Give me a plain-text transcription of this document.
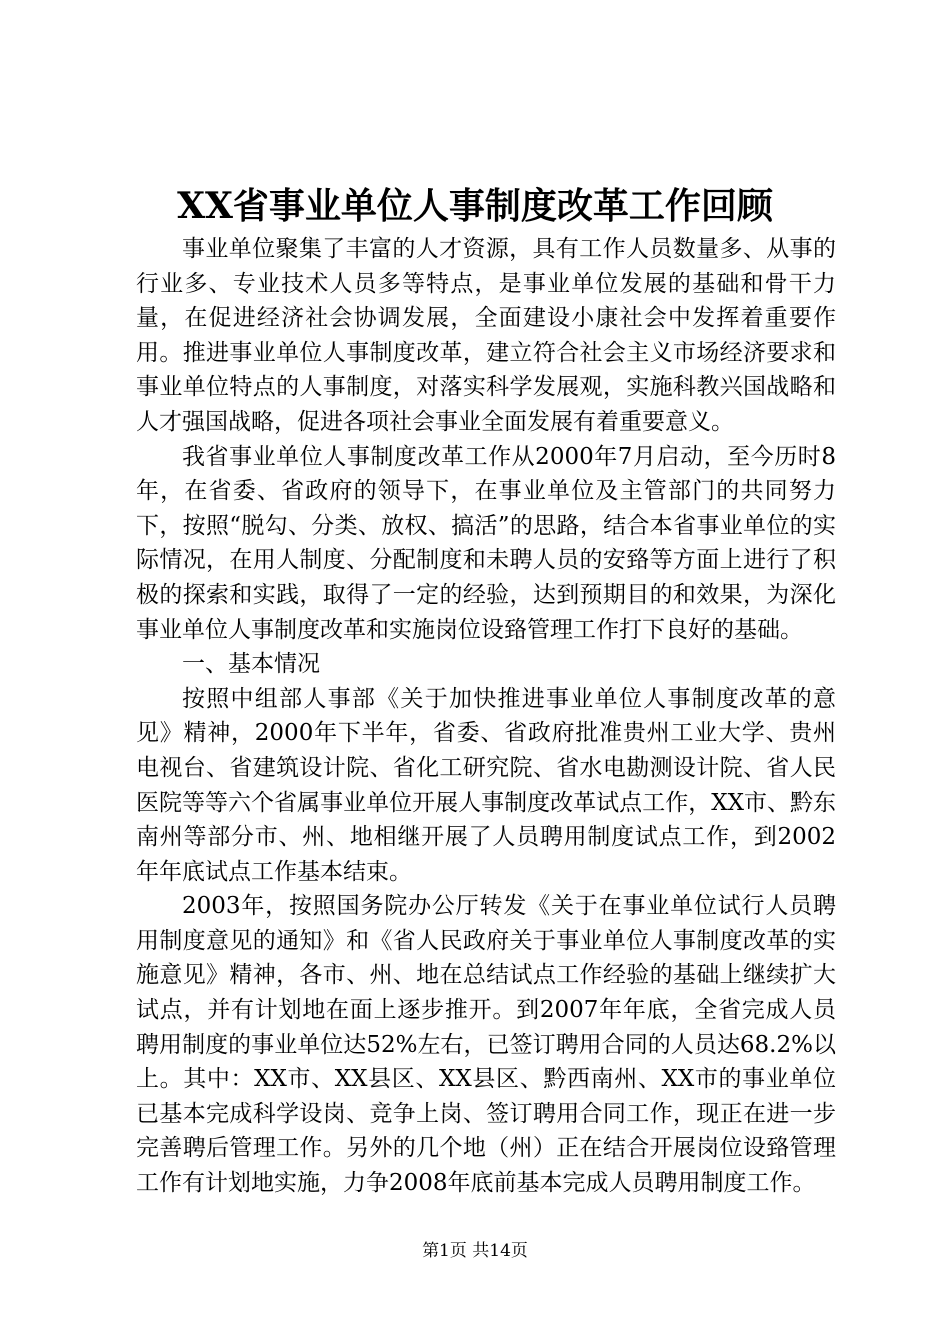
XX省事业单位人事制度改革工作回顾

事业单位聚集了丰富的人才资源，具有工作人员数量多、从事的行业多、专业技术人员多等特点，是事业单位发展的基础和骨干力量，在促进经济社会协调发展，全面建设小康社会中发挥着重要作用。推进事业单位人事制度改革，建立符合社会主义市场经济要求和事业单位特点的人事制度，对落实科学发展观，实施科教兴国战略和人才强国战略，促进各项社会事业全面发展有着重要意义。

我省事业单位人事制度改革工作从2000年7月启动，至今历时8年，在省委、省政府的领导下，在事业单位及主管部门的共同努力下，按照“脱勾、分类、放权、搞活”的思路，结合本省事业单位的实际情况，在用人制度、分配制度和未聘人员的安臵等方面上进行了积极的探索和实践，取得了一定的经验，达到预期目的和效果，为深化事业单位人事制度改革和实施岗位设臵管理工作打下良好的基础。

一、基本情况

按照中组部人事部《关于加快推进事业单位人事制度改革的意见》精神，2000年下半年，省委、省政府批准贵州工业大学、贵州电视台、省建筑设计院、省化工研究院、省水电勘测设计院、省人民医院等等六个省属事业单位开展人事制度改革试点工作，XX市、黔东南州等部分市、州、地相继开展了人员聘用制度试点工作，到2002年年底试点工作基本结束。

2003年，按照国务院办公厅转发《关于在事业单位试行人员聘用制度意见的通知》和《省人民政府关于事业单位人事制度改革的实施意见》精神，各市、州、地在总结试点工作经验的基础上继续扩大试点，并有计划地在面上逐步推开。到2007年年底，全省完成人员聘用制度的事业单位达52%左右，已签订聘用合同的人员达68.2%以上。其中：XX市、XX县区、XX县区、黔西南州、XX市的事业单位已基本完成科学设岗、竞争上岗、签订聘用合同工作，现正在进一步完善聘后管理工作。另外的几个地（州）正在结合开展岗位设臵管理工作有计划地实施，力争2008年底前基本完成人员聘用制度工作。

第1页 共14页
